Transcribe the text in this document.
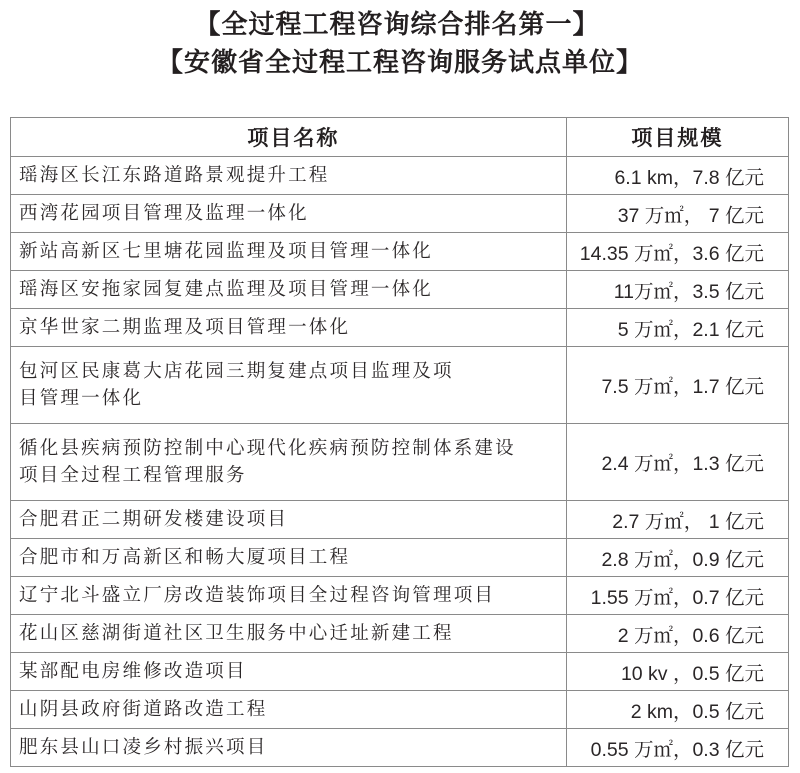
【全过程工程咨询综合排名第一】
【安徽省全过程工程咨询服务试点单位】
项目名称	项目规模
瑶海区长江东路道路景观提升工程	6.1 km，7.8 亿元
西湾花园项目管理及监理一体化	37 万㎡， 7 亿元
新站高新区七里塘花园监理及项目管理一体化	14.35 万㎡，3.6 亿元
瑶海区安拖家园复建点监理及项目管理一体化	11万㎡，3.5 亿元
京华世家二期监理及项目管理一体化	5 万㎡，2.1 亿元

包河区民康葛大店花园三期复建点项目监理及项
目管理一体化	7.5 万㎡，1.7 亿元

循化县疾病预防控制中心现代化疾病预防控制体系建设
项目全过程工程管理服务	2.4 万㎡，1.3 亿元
合肥君正二期研发楼建设项目	2.7 万㎡， 1 亿元
合肥市和万高新区和畅大厦项目工程	2.8 万㎡，0.9 亿元
辽宁北斗盛立厂房改造装饰项目全过程咨询管理项目	1.55 万㎡，0.7 亿元
花山区慈湖街道社区卫生服务中心迁址新建工程	2 万㎡，0.6 亿元
某部配电房维修改造项目	10 kv ，0.5 亿元
山阴县政府街道路改造工程	2 km，0.5 亿元
肥东县山口凌乡村振兴项目	0.55 万㎡，0.3 亿元
